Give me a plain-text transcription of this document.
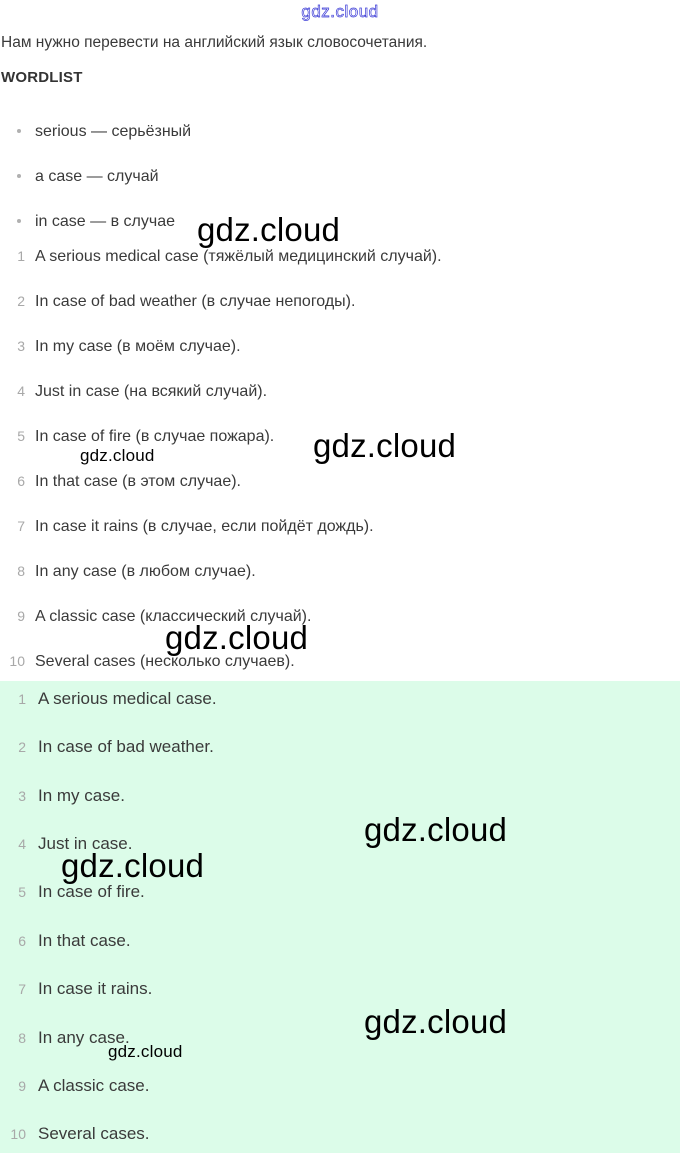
gdz.cloud
Нам нужно перевести на английский язык словосочетания.
WORDLIST
serious — серьёзный
a case — случай
in case — в случае
1 A serious medical case (тяжёлый медицинский случай).
2 In case of bad weather (в случае непогоды).
3 In my case (в моём случае).
4 Just in case (на всякий случай).
5 In case of fire (в случае пожара).
6 In that case (в этом случае).
7 In case it rains (в случае, если пойдёт дождь).
8 In any case (в любом случае).
9 A classic case (классический случай).
10 Several cases (несколько случаев).
1 A serious medical case.
2 In case of bad weather.
3 In my case.
4 Just in case.
5 In case of fire.
6 In that case.
7 In case it rains.
8 In any case.
9 A classic case.
10 Several cases.
gdz.cloud
gdz.cloud
gdz.cloud
gdz.cloud
gdz.cloud
gdz.cloud
gdz.cloud
gdz.cloud
